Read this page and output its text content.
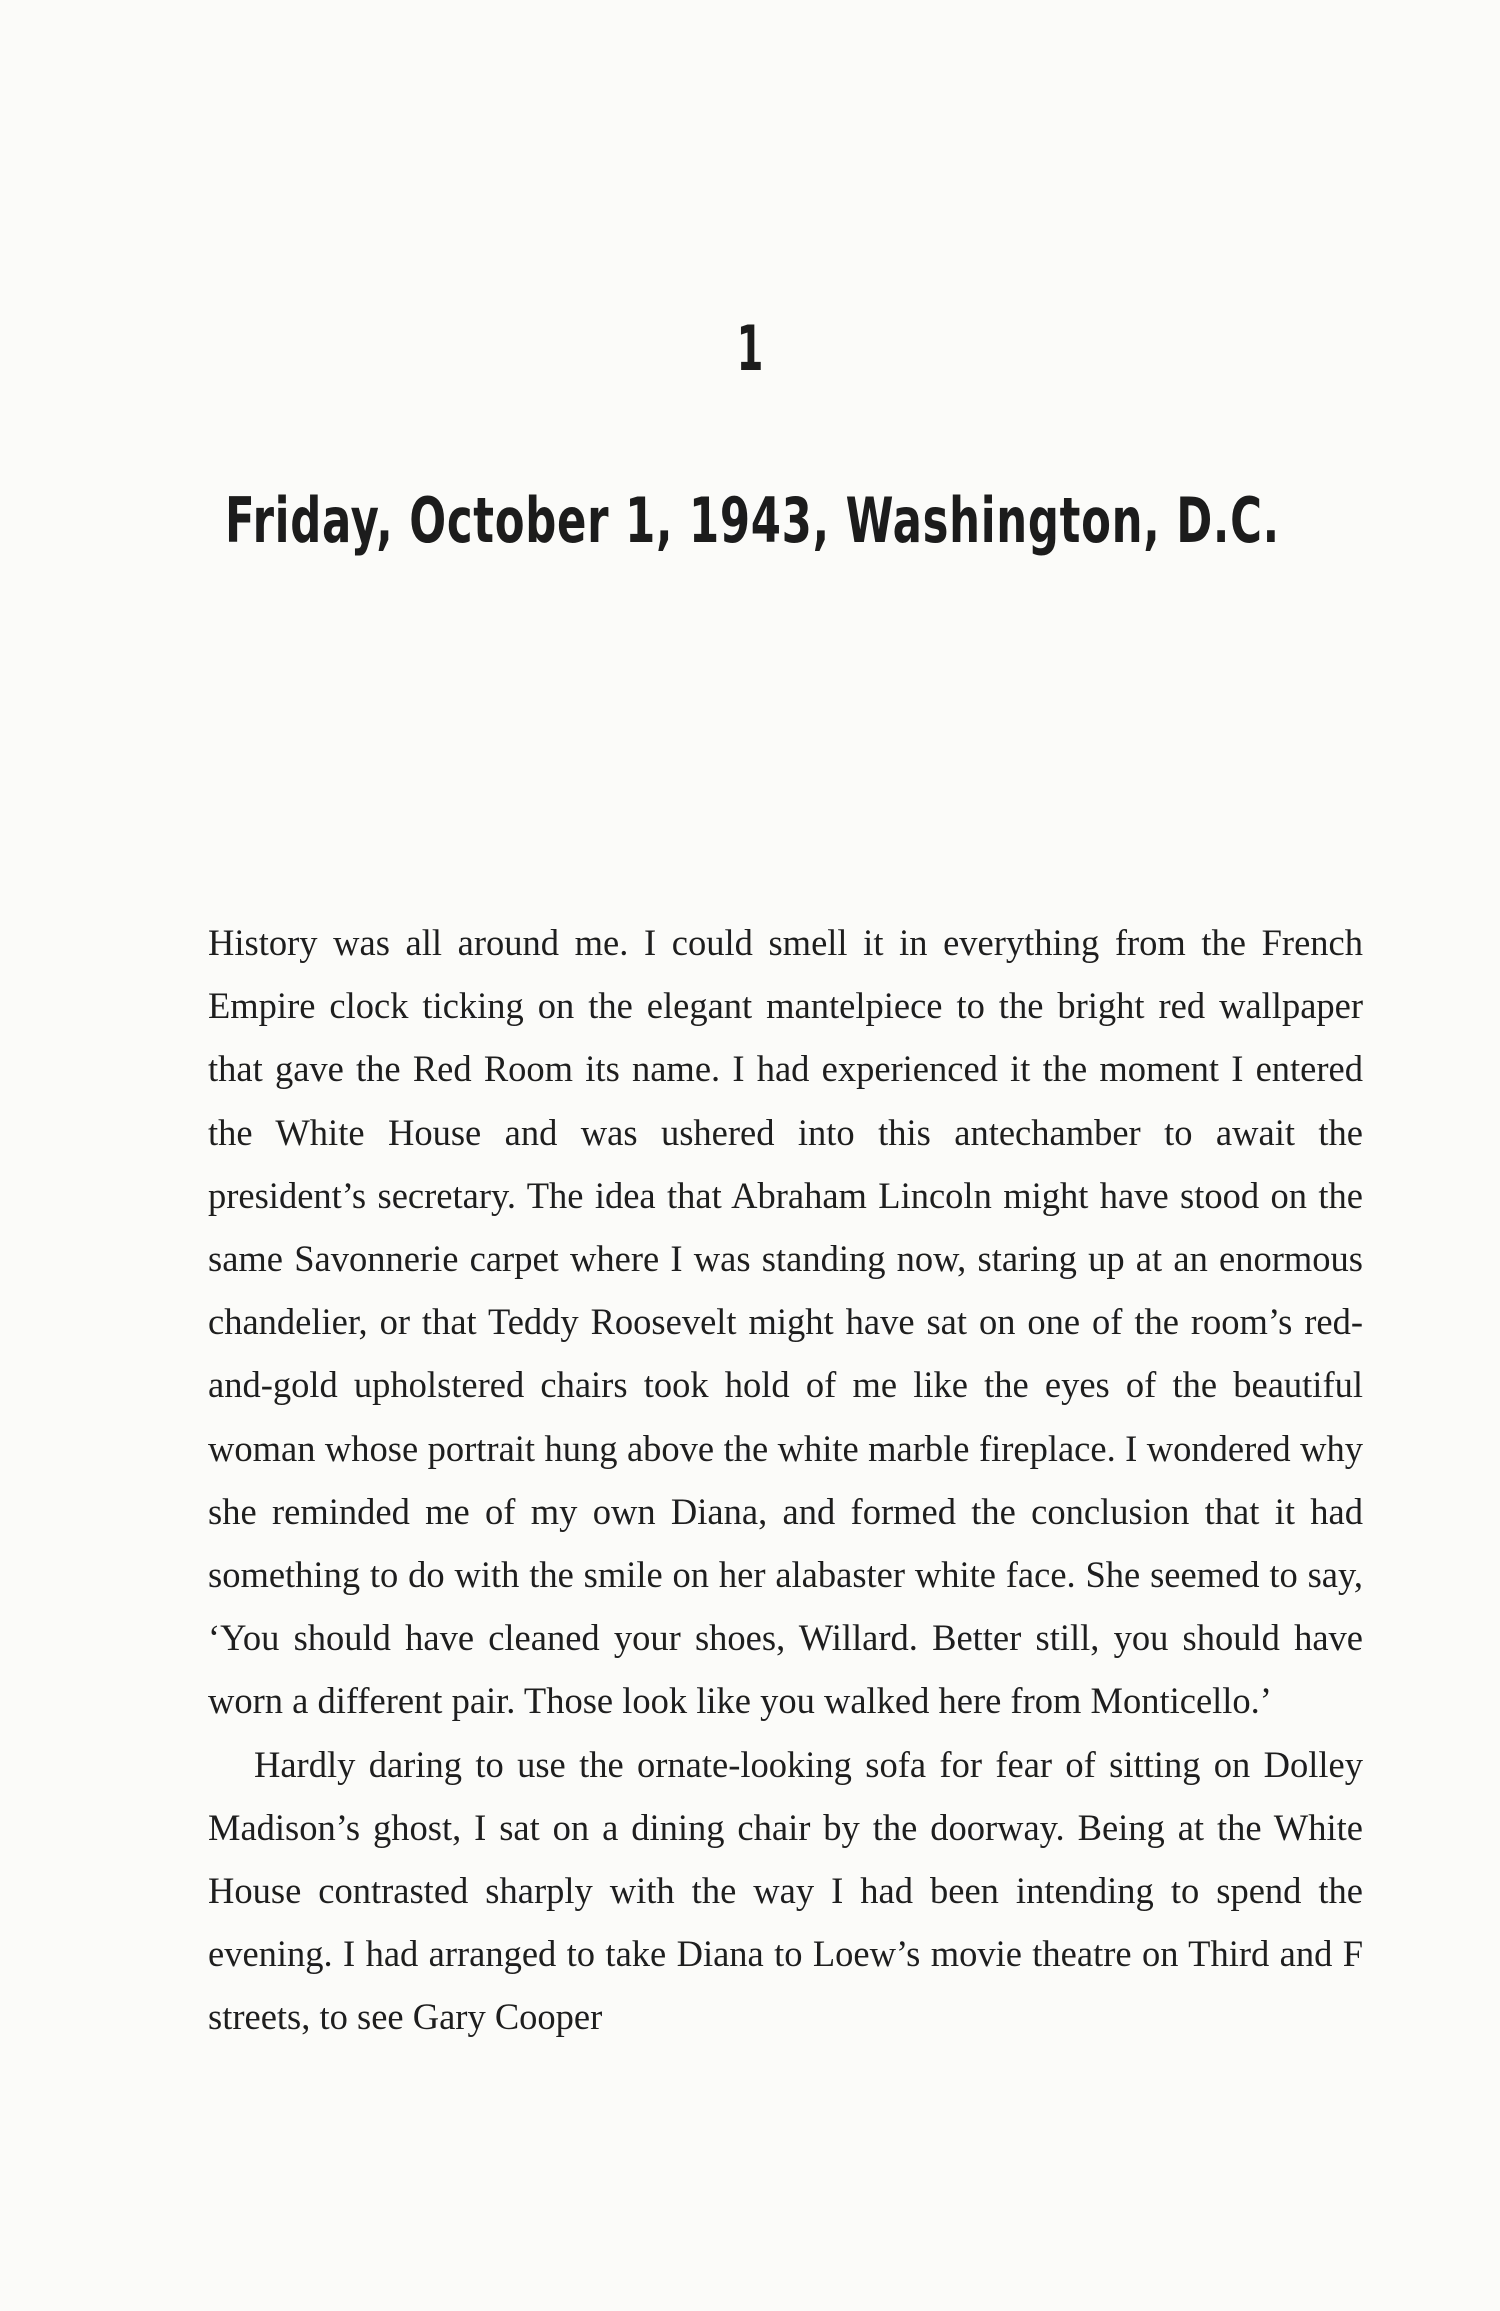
1
Friday, October 1, 1943, Washington, D.C.

History was all around me. I could smell it in everything from the French Empire clock ticking on the elegant mantelpiece to the bright red wallpaper that gave the Red Room its name. I had experienced it the moment I entered the White House and was ushered into this antechamber to await the president’s secretary. The idea that Abraham Lincoln might have stood on the same Savonnerie carpet where I was standing now, staring up at an enormous chandelier, or that Teddy Roosevelt might have sat on one of the room’s red-and-gold upholstered chairs took hold of me like the eyes of the beautiful woman whose portrait hung above the white marble fireplace. I wondered why she reminded me of my own Diana, and formed the conclusion that it had something to do with the smile on her alabaster white face. She seemed to say, ‘You should have cleaned your shoes, Willard. Better still, you should have worn a different pair. Those look like you walked here from Monticello.’

Hardly daring to use the ornate-looking sofa for fear of sitting on Dolley Madison’s ghost, I sat on a dining chair by the doorway. Being at the White House contrasted sharply with the way I had been intending to spend the evening. I had arranged to take Diana to Loew’s movie theatre on Third and F streets, to see Gary Cooper
